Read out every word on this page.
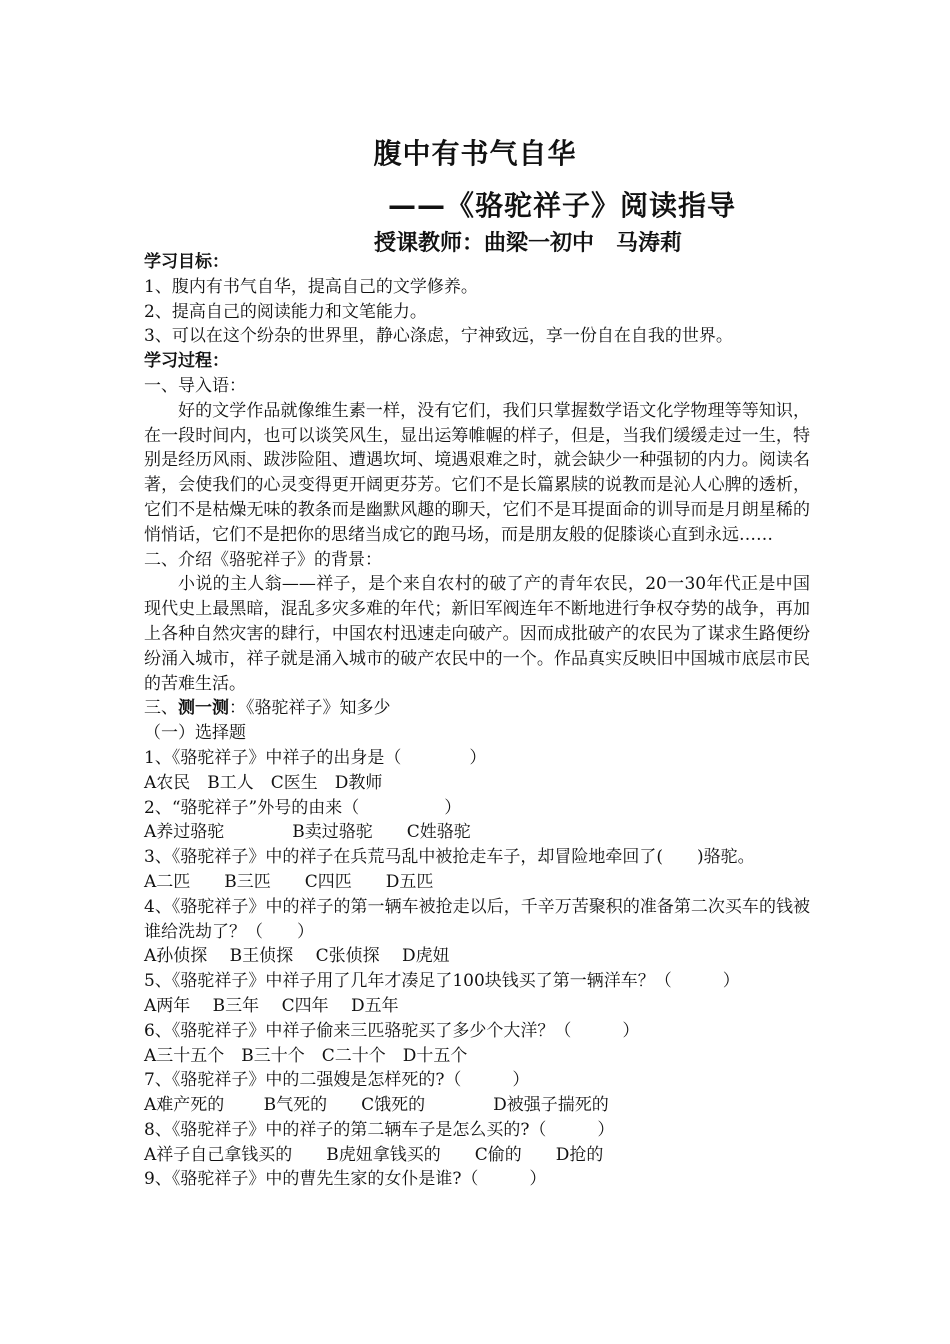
腹中有书气自华
——《骆驼祥子》阅读指导
授课教师：曲梁一初中　马涛莉

学习目标：

1、腹内有书气自华，提高自己的文学修养。

2、提高自己的阅读能力和文笔能力。

3、可以在这个纷杂的世界里，静心涤虑，宁神致远，享一份自在自我的世界。

学习过程：

一、导入语：

好的文学作品就像维生素一样，没有它们，我们只掌握数学语文化学物理等等知识，在一段时间内，也可以谈笑风生，显出运筹帷幄的样子，但是，当我们缓缓走过一生，特别是经历风雨、跋涉险阻、遭遇坎坷、境遇艰难之时，就会缺少一种强韧的内力。阅读名著，会使我们的心灵变得更开阔更芬芳。它们不是长篇累牍的说教而是沁人心脾的透析，它们不是枯燥无味的教条而是幽默风趣的聊天，它们不是耳提面命的训导而是月朗星稀的悄悄话，它们不是把你的思绪当成它的跑马场，而是朋友般的促膝谈心直到永远……

二、介绍《骆驼祥子》的背景：

小说的主人翁——祥子，是个来自农村的破了产的青年农民，20一30年代正是中国现代史上最黑暗，混乱多灾多难的年代；新旧军阀连年不断地进行争权夺势的战争，再加上各种自然灾害的肆行，中国农村迅速走向破产。因而成批破产的农民为了谋求生路便纷　纷涌入城市，祥子就是涌入城市的破产农民中的一个。作品真实反映旧中国城市底层市民的苦难生活。

三、测一测：《骆驼祥子》知多少

（一）选择题

1、《骆驼祥子》中祥子的出身是（　　　　）

A农民　B工人　C医生　D教师

2、“骆驼祥子”外号的由来（　　　　　）

A养过骆驼　　　　B卖过骆驼　　C姓骆驼

3、《骆驼祥子》中的祥子在兵荒马乱中被抢走车子，却冒险地牵回了(　　)骆驼。

A二匹　　B三匹　　C四匹　　D五匹

4、《骆驼祥子》中的祥子的第一辆车被抢走以后，千辛万苦聚积的准备第二次买车的钱被谁给洗劫了？（　　）

A孙侦探　 B王侦探　 C张侦探　 D虎妞

5、《骆驼祥子》中祥子用了几年才凑足了100块钱买了第一辆洋车？（　　　）

A两年　 B三年　 C四年　 D五年

6、《骆驼祥子》中祥子偷来三匹骆驼买了多少个大洋？（　　　）

A三十五个　B三十个　C二十个　D十五个

7、《骆驼祥子》中的二强嫂是怎样死的?（　　　）

A难产死的　　 B气死的　　C饿死的　　　　D被强子揣死的

8、《骆驼祥子》中的祥子的第二辆车子是怎么买的?（　　　）

A祥子自己拿钱买的　　B虎妞拿钱买的　　C偷的　　D抢的

9、《骆驼祥子》中的曹先生家的女仆是谁?（　　　）
